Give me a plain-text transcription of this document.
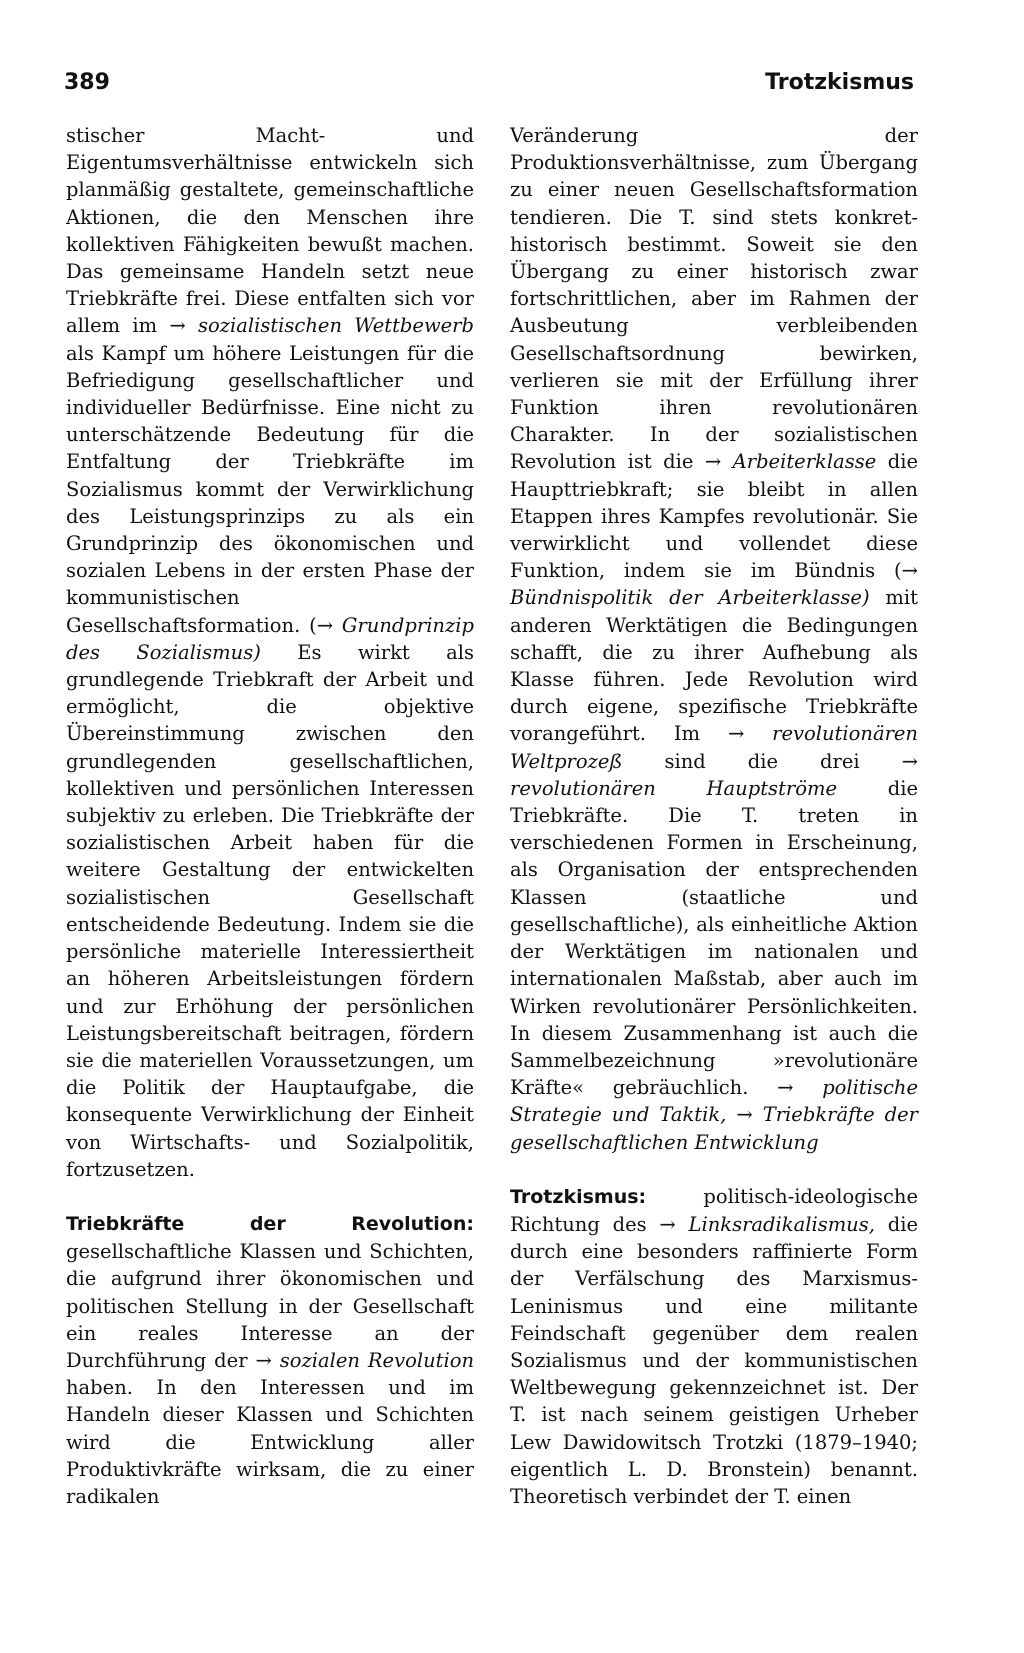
389	Trotzkismus

stischer Macht- und Eigentumsverhältnisse entwickeln sich planmäßig gestaltete, gemeinschaftliche Aktionen, die den Menschen ihre kollektiven Fähigkeiten bewußt machen. Das gemeinsame Handeln setzt neue Triebkräfte frei. Diese entfalten sich vor allem im → sozialistischen Wettbewerb als Kampf um höhere Leistungen für die Befriedigung gesellschaftlicher und individueller Bedürfnisse. Eine nicht zu unterschätzende Bedeutung für die Entfaltung der Triebkräfte im Sozialismus kommt der Verwirklichung des Leistungsprinzips zu als ein Grundprinzip des ökonomischen und sozialen Lebens in der ersten Phase der kommunistischen Gesellschaftsformation. (→ Grundprinzip des Sozialismus) Es wirkt als grundlegende Triebkraft der Arbeit und ermöglicht, die objektive Übereinstimmung zwischen den grundlegenden gesellschaftlichen, kollektiven und persönlichen Interessen subjektiv zu erleben. Die Triebkräfte der sozialistischen Arbeit haben für die weitere Gestaltung der entwickelten sozialistischen Gesellschaft entscheidende Bedeutung. Indem sie die persönliche materielle Interessiertheit an höheren Arbeitsleistungen fördern und zur Erhöhung der persönlichen Leistungsbereitschaft beitragen, fördern sie die materiellen Voraussetzungen, um die Politik der Hauptaufgabe, die konsequente Verwirklichung der Einheit von Wirtschafts- und Sozialpolitik, fortzusetzen.

Triebkräfte der Revolution: gesellschaftliche Klassen und Schichten, die aufgrund ihrer ökonomischen und politischen Stellung in der Gesellschaft ein reales Interesse an der Durchführung der → sozialen Revolution haben. In den Interessen und im Handeln dieser Klassen und Schichten wird die Entwicklung aller Produktivkräfte wirksam, die zu einer radikalen

Veränderung der Produktionsverhältnisse, zum Übergang zu einer neuen Gesellschaftsformation tendieren. Die T. sind stets konkret-historisch bestimmt. Soweit sie den Übergang zu einer historisch zwar fortschrittlichen, aber im Rahmen der Ausbeutung verbleibenden Gesellschaftsordnung bewirken, verlieren sie mit der Erfüllung ihrer Funktion ihren revolutionären Charakter. In der sozialistischen Revolution ist die → Arbeiterklasse die Haupttriebkraft; sie bleibt in allen Etappen ihres Kampfes revolutionär. Sie verwirklicht und vollendet diese Funktion, indem sie im Bündnis (→ Bündnispolitik der Arbeiterklasse) mit anderen Werktätigen die Bedingungen schafft, die zu ihrer Aufhebung als Klasse führen. Jede Revolution wird durch eigene, spezifische Triebkräfte vorangeführt. Im → revolutionären Weltprozeß sind die drei → revolutionären Hauptströme die Triebkräfte. Die T. treten in verschiedenen Formen in Erscheinung, als Organisation der entsprechenden Klassen (staatliche und gesellschaftliche), als einheitliche Aktion der Werktätigen im nationalen und internationalen Maßstab, aber auch im Wirken revolutionärer Persönlichkeiten. In diesem Zusammenhang ist auch die Sammelbezeichnung »revolutionäre Kräfte« gebräuchlich. → politische Strategie und Taktik, → Triebkräfte der gesellschaftlichen Entwicklung

Trotzkismus: politisch-ideologische Richtung des → Linksradikalismus, die durch eine besonders raffinierte Form der Verfälschung des Marxismus-Leninismus und eine militante Feindschaft gegenüber dem realen Sozialismus und der kommunistischen Weltbewegung gekennzeichnet ist. Der T. ist nach seinem geistigen Urheber Lew Dawidowitsch Trotzki (1879–1940; eigentlich L. D. Bronstein) benannt. Theoretisch verbindet der T. einen
